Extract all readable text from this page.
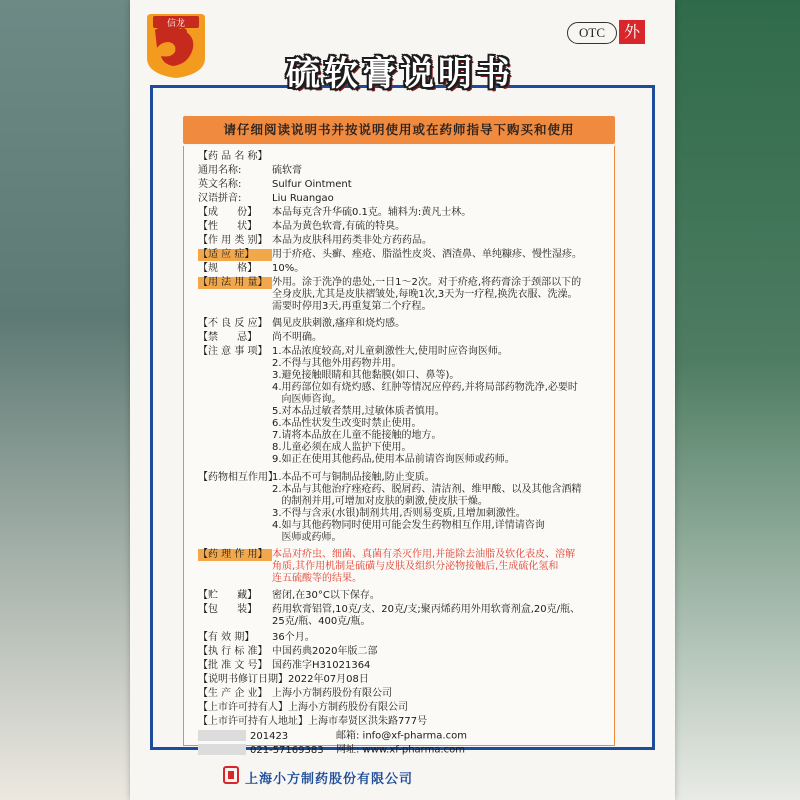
信龙
OTC	外
硫软膏说明书
请仔细阅读说明书并按说明使用或在药师指导下购买和使用
【药 品 名 称】
通用名称:	硫软膏
英文名称:	Sulfur Ointment
汉语拼音:	Liu Ruangao
【成      份】 本品每克含升华硫0.1克。辅料为:黄凡士林。
【性      状】 本品为黄色软膏,有硫的特臭。
【作 用 类 别】 本品为皮肤科用药类非处方药药品。
【适 应 症】 用于疥疮、头癣、痤疮、脂溢性皮炎、酒渣鼻、单纯糠疹、慢性湿疹。
【规      格】 10%。
【用 法 用 量】 外用。涂于洗净的患处,一日1～2次。对于疥疮,将药膏涂于颈部以下的
全身皮肤,尤其是皮肤褶皱处,每晚1次,3天为一疗程,换洗衣服、洗澡。
需要时停用3天,再重复第二个疗程。
【不 良 反 应】 偶见皮肤刺激,瘙痒和烧灼感。
【禁      忌】 尚不明确。
【注 意 事 项】 1.本品浓度较高,对儿童刺激性大,使用时应咨询医师。
2.不得与其他外用药物并用。
3.避免接触眼睛和其他黏膜(如口、鼻等)。
4.用药部位如有烧灼感、红肿等情况应停药,并将局部药物洗净,必要时
向医师咨询。
5.对本品过敏者禁用,过敏体质者慎用。
6.本品性状发生改变时禁止使用。
7.请将本品放在儿童不能接触的地方。
8.儿童必须在成人监护下使用。
9.如正在使用其他药品,使用本品前请咨询医师或药师。
【药物相互作用】
1.本品不可与铜制品接触,防止变质。
2.本品与其他治疗痤疮药、脱屑药、清洁剂、维甲酸、以及其他含酒精
的制剂并用,可增加对皮肤的刺激,使皮肤干燥。
3.不得与含汞(水银)制剂共用,否则易变质,且增加刺激性。
4.如与其他药物同时使用可能会发生药物相互作用,详情请咨询
医师或药师。
【药 理 作 用】 本品对疥虫、细菌、真菌有杀灭作用,并能除去油脂及软化表皮、溶解
角质,其作用机制是硫磺与皮肤及组织分泌物接触后,生成硫化氢和
连五硫酸等的结果。
【贮      藏】 密闭,在30°C以下保存。
【包      装】	药用软膏铝管,10克/支、20克/支;聚丙烯药用外用软膏剂盒,20克/瓶、
25克/瓶、400克/瓶。
【有 效 期】 36个月。
【执 行 标 准】 中国药典2020年版二部
【批 准 文 号】 国药准字H31021364
【说明书修订日期】2022年07月08日
【生 产 企 业】 上海小方制药股份有限公司
【上市许可持有人】上海小方制药股份有限公司
【上市许可持有人地址】上海市奉贤区洪朱路777号
201423	邮箱: info@xf-pharma.com
021-57169383 网址: www.xf-pharma.com
上海小方制药股份有限公司
